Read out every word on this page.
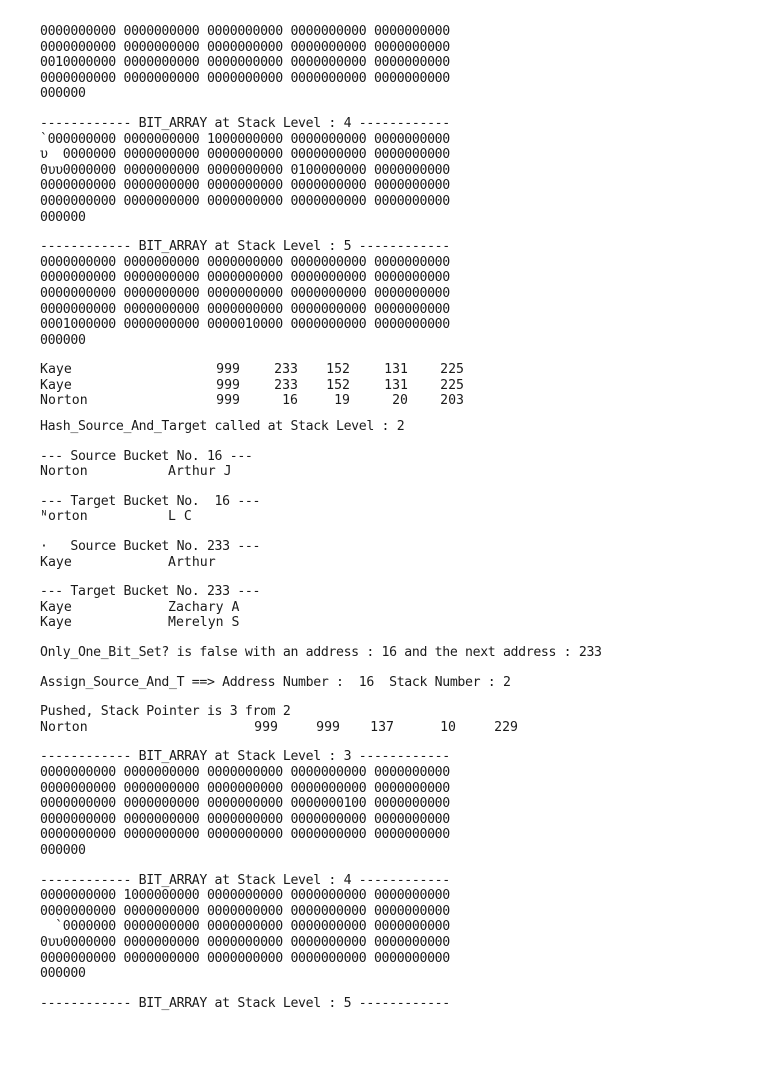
0000000000 0000000000 0000000000 0000000000 0000000000
0000000000 0000000000 0000000000 0000000000 0000000000
0010000000 0000000000 0000000000 0000000000 0000000000
0000000000 0000000000 0000000000 0000000000 0000000000
000000
------------ BIT_ARRAY at Stack Level : 4 ------------
`000000000 0000000000 1000000000 0000000000 0000000000
υ  0000000 0000000000 0000000000 0000000000 0000000000
0υυ0000000 0000000000 0000000000 0100000000 0000000000
0000000000 0000000000 0000000000 0000000000 0000000000
0000000000 0000000000 0000000000 0000000000 0000000000
000000
------------ BIT_ARRAY at Stack Level : 5 ------------
0000000000 0000000000 0000000000 0000000000 0000000000
0000000000 0000000000 0000000000 0000000000 0000000000
0000000000 0000000000 0000000000 0000000000 0000000000
0000000000 0000000000 0000000000 0000000000 0000000000
0001000000 0000000000 0000010000 0000000000 0000000000
000000
Kaye	999	233	152	131	225
Kaye	999	233	152	131	225
Norton	999	16	19	20	203
Hash_Source_And_Target called at Stack Level : 2
--- Source Bucket No. 16 ---
Norton	Arthur J
--- Target Bucket No.  16 ---
ᴺorton	L C
·   Source Bucket No. 233 ---
Kaye	Arthur
--- Target Bucket No. 233 ---
Kaye	Zachary A
Kaye	Merelyn S
Only_One_Bit_Set? is false with an address : 16 and the next address : 233
Assign_Source_And_T ==> Address Number :  16  Stack Number : 2
Pushed, Stack Pointer is 3 from 2
Norton	999	999	137	10	229
------------ BIT_ARRAY at Stack Level : 3 ------------
0000000000 0000000000 0000000000 0000000000 0000000000
0000000000 0000000000 0000000000 0000000000 0000000000
0000000000 0000000000 0000000000 0000000100 0000000000
0000000000 0000000000 0000000000 0000000000 0000000000
0000000000 0000000000 0000000000 0000000000 0000000000
000000
------------ BIT_ARRAY at Stack Level : 4 ------------
0000000000 1000000000 0000000000 0000000000 0000000000
0000000000 0000000000 0000000000 0000000000 0000000000
`0000000 0000000000 0000000000 0000000000 0000000000
0υυ0000000 0000000000 0000000000 0000000000 0000000000
0000000000 0000000000 0000000000 0000000000 0000000000
000000
------------ BIT_ARRAY at Stack Level : 5 ------------
